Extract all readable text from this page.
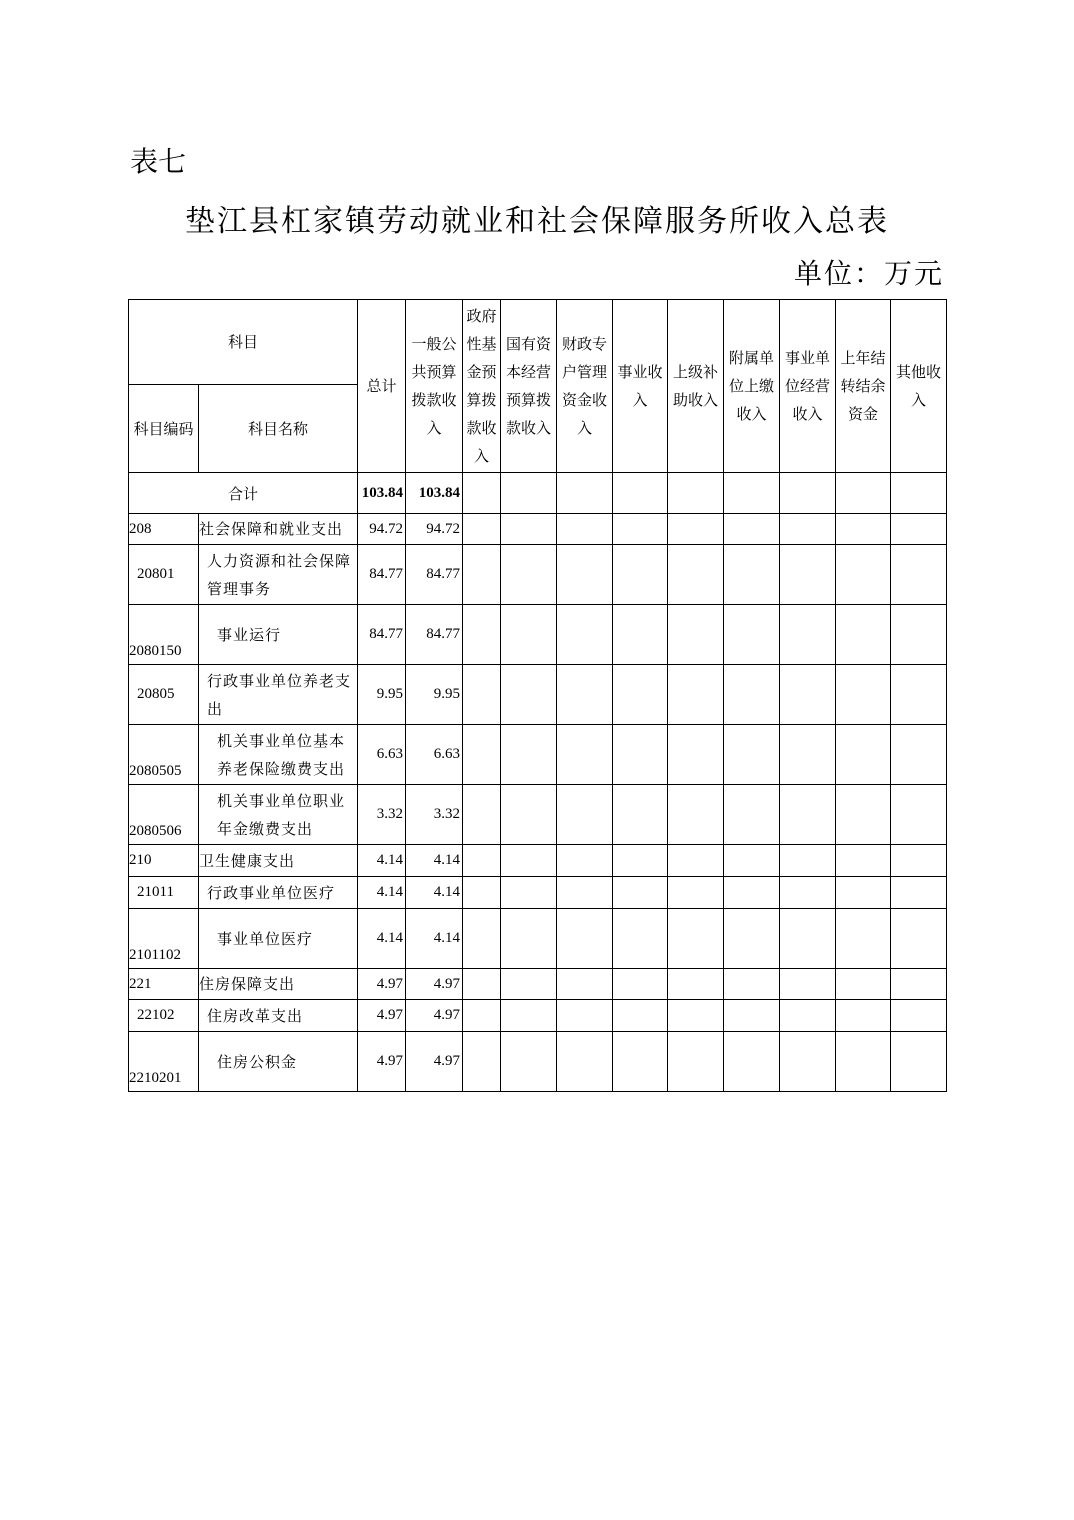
表七
垫江县杠家镇劳动就业和社会保障服务所收入总表
单位：万元
科目		总计	一般公共预算拨款收入	政府性基金预算拨款收入	国有资本经营预算拨款收入	财政专户管理资金收入	事业收入	上级补助收入	附属单位上缴收入	事业单位经营收入	上年结转结余资金	其他收入
科目编码	科目名称											
合计		103.84	103.84									
208	社会保障和就业支出	94.72	94.72									
20801	人力资源和社会保障管理事务	84.77	84.77									
2080150	事业运行	84.77	84.77									
20805	行政事业单位养老支出	9.95	9.95									
2080505	机关事业单位基本养老保险缴费支出	6.63	6.63									
2080506	机关事业单位职业年金缴费支出	3.32	3.32									
210	卫生健康支出	4.14	4.14									
21011	行政事业单位医疗	4.14	4.14									
2101102	事业单位医疗	4.14	4.14									
221	住房保障支出	4.97	4.97									
22102	住房改革支出	4.97	4.97									
2210201	住房公积金	4.97	4.97									
